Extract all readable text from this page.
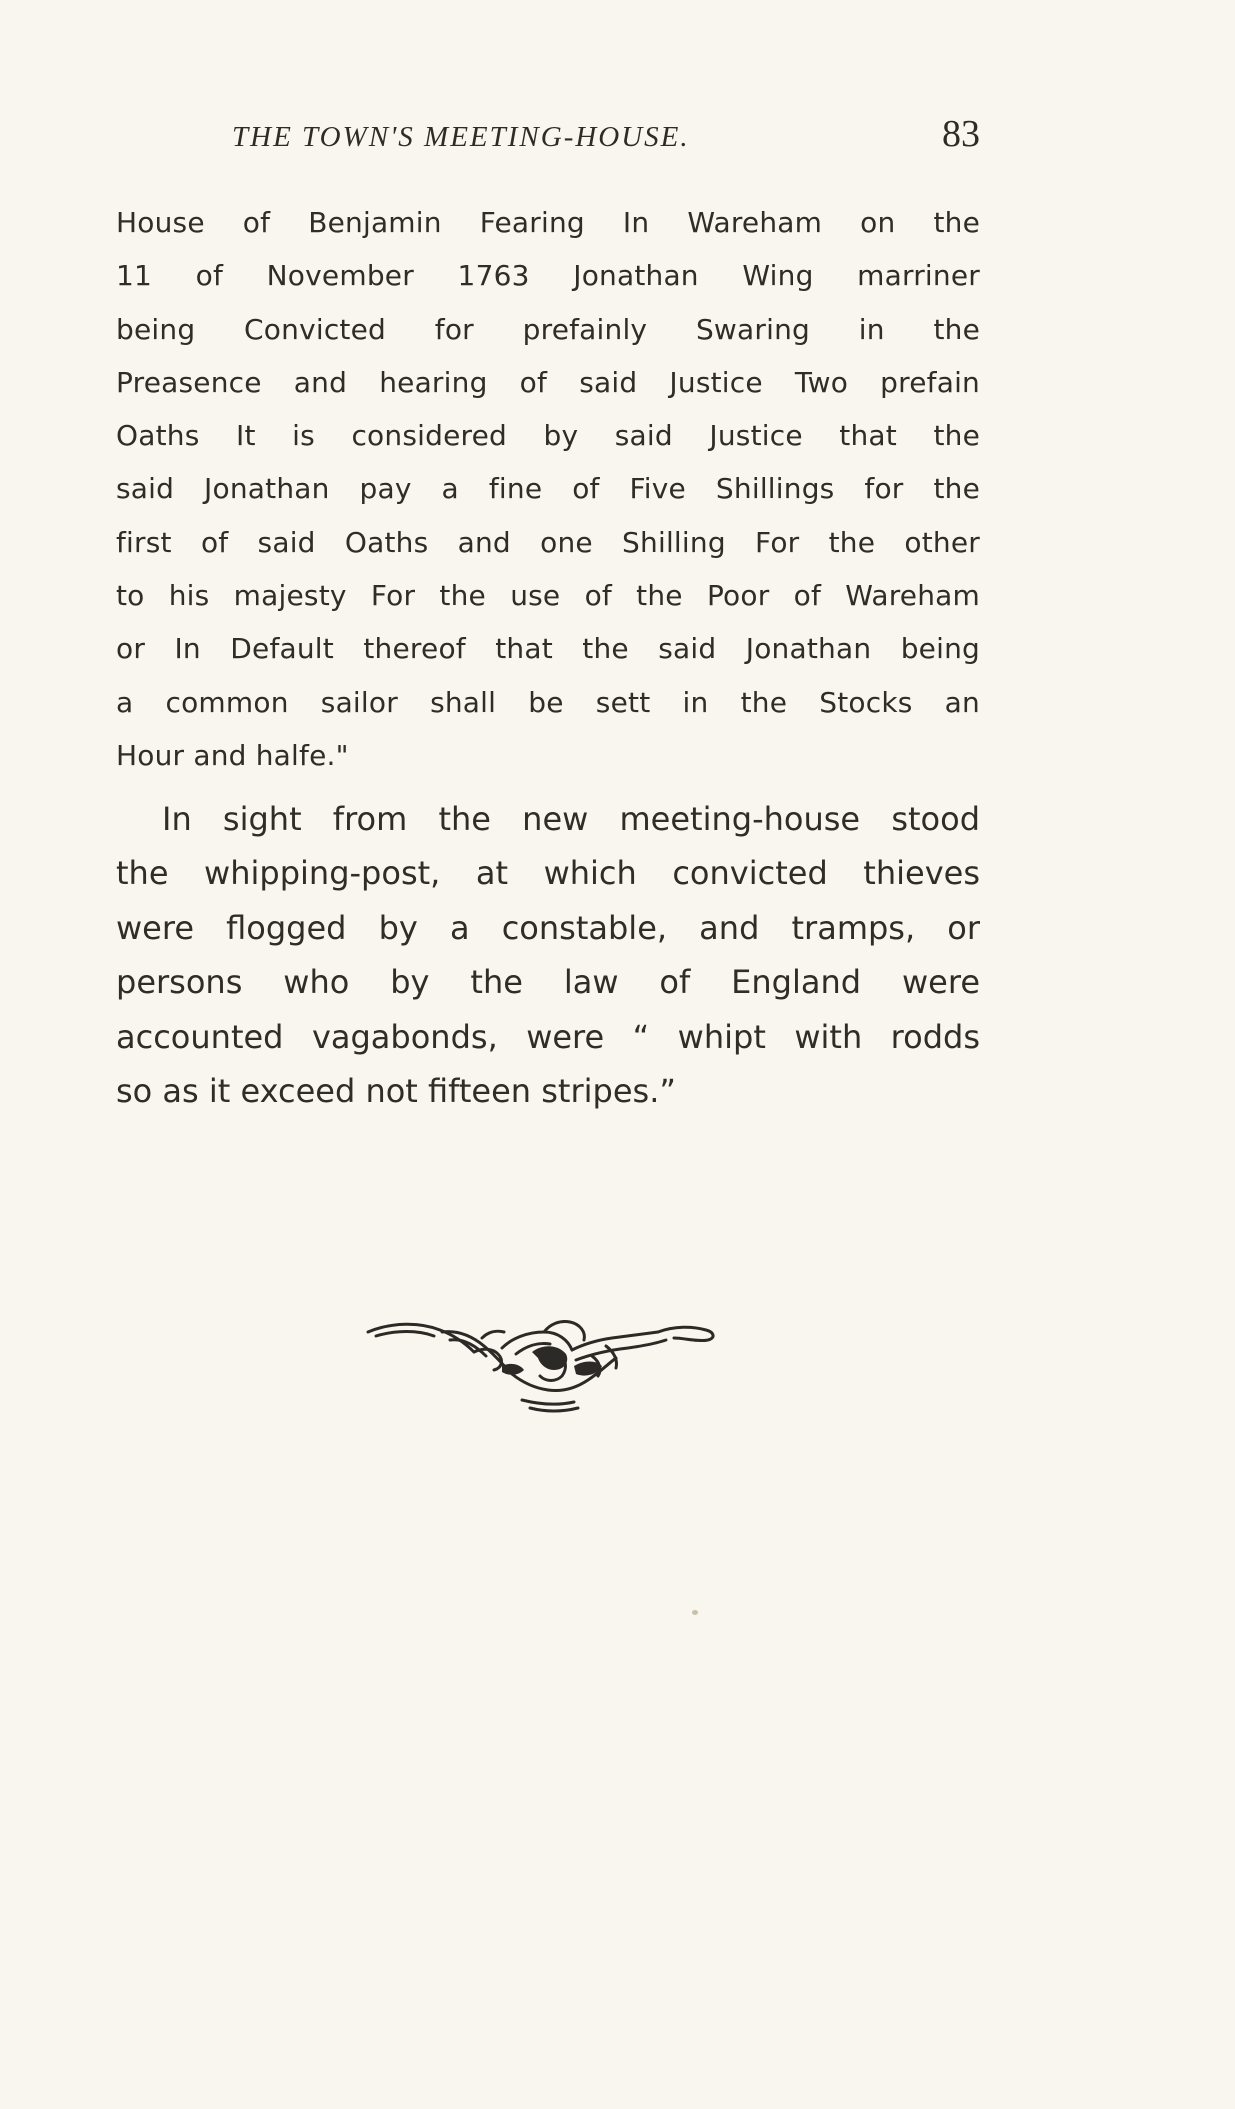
THE TOWN'S MEETING-HOUSE.	83
House of Benjamin Fearing In Wareham on the
11 of November 1763 Jonathan Wing marriner
being Convicted for prefainly Swaring in the
Preasence and hearing of said Justice Two prefain
Oaths It is considered by said Justice that the
said Jonathan pay a fine of Five Shillings for the
first of said Oaths and one Shilling For the other
to his majesty For the use of the Poor of Wareham
or In Default thereof that the said Jonathan being
a common sailor shall be sett in the Stocks an
Hour and halfe."
In sight from the new meeting-house stood
the whipping-post, at which convicted thieves
were flogged by a constable, and tramps, or
persons who by the law of England were
accounted vagabonds, were “ whipt with rodds
so as it exceed not fifteen stripes.”
